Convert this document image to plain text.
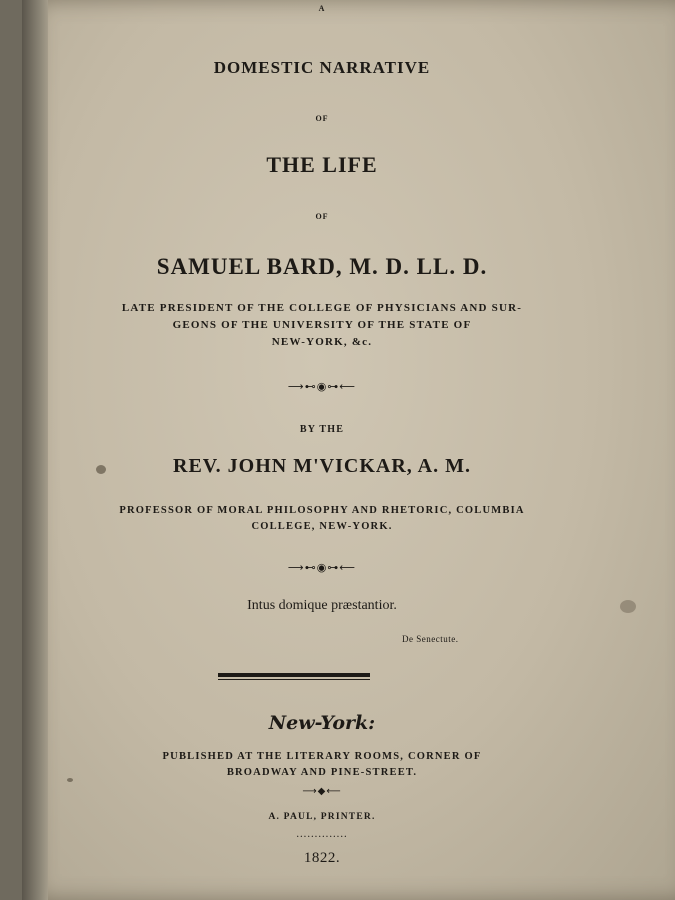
A
DOMESTIC NARRATIVE
OF
THE LIFE
OF
SAMUEL BARD, M. D. LL. D.
LATE PRESIDENT OF THE COLLEGE OF PHYSICIANS AND SUR-
GEONS OF THE UNIVERSITY OF THE STATE OF
NEW-YORK, &c.
⟶⊷◉⊶⟵
BY THE
REV. JOHN M'VICKAR, A. M.
PROFESSOR OF MORAL PHILOSOPHY AND RHETORIC, COLUMBIA
COLLEGE, NEW-YORK.
⟶⊷◉⊶⟵
Intus domique præstantior.
De Senectute.
New-York:
PUBLISHED AT THE LITERARY ROOMS, CORNER OF
BROADWAY AND PINE-STREET.
⟶◆⟵
A. PAUL, PRINTER.
··············
1822.
